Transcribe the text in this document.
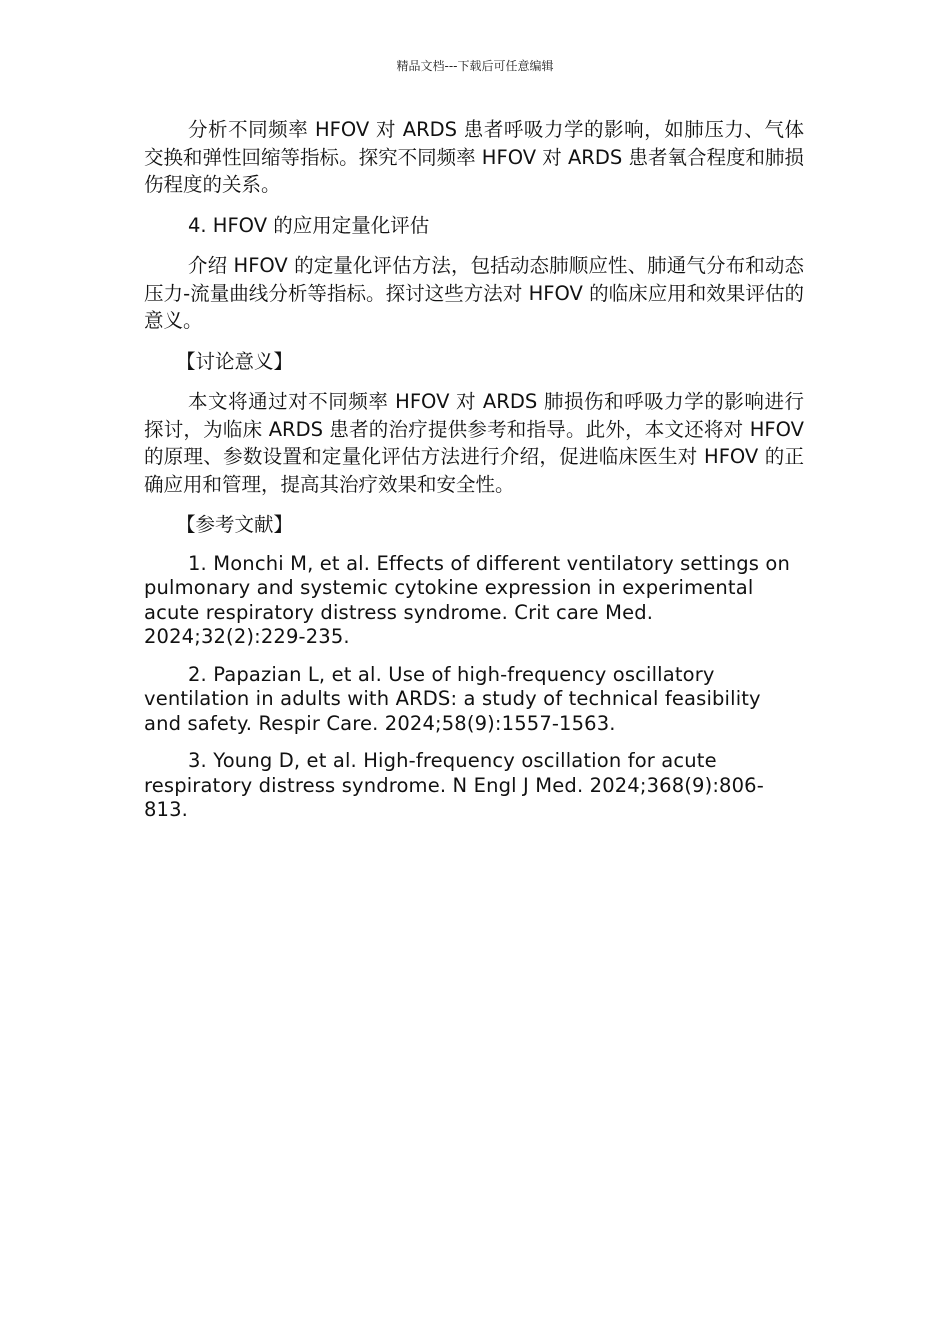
精品文档---下载后可任意编辑

分析不同频率 HFOV 对 ARDS 患者呼吸力学的影响，如肺压力、气体交换和弹性回缩等指标。探究不同频率 HFOV 对 ARDS 患者氧合程度和肺损伤程度的关系。

4. HFOV 的应用定量化评估

介绍 HFOV 的定量化评估方法，包括动态肺顺应性、肺通气分布和动态压力-流量曲线分析等指标。探讨这些方法对 HFOV 的临床应用和效果评估的意义。

【讨论意义】

本文将通过对不同频率 HFOV 对 ARDS 肺损伤和呼吸力学的影响进行探讨，为临床 ARDS 患者的治疗提供参考和指导。此外，本文还将对 HFOV 的原理、参数设置和定量化评估方法进行介绍，促进临床医生对 HFOV 的正确应用和管理，提高其治疗效果和安全性。

【参考文献】

1. Monchi M, et al. Effects of different ventilatory settings on pulmonary and systemic cytokine expression in experimental acute respiratory distress syndrome. Crit care Med. 2024;32(2):229-235.

2. Papazian L, et al. Use of high-frequency oscillatory ventilation in adults with ARDS: a study of technical feasibility and safety. Respir Care. 2024;58(9):1557-1563.

3. Young D, et al. High-frequency oscillation for acute respiratory distress syndrome. N Engl J Med. 2024;368(9):806-813.
